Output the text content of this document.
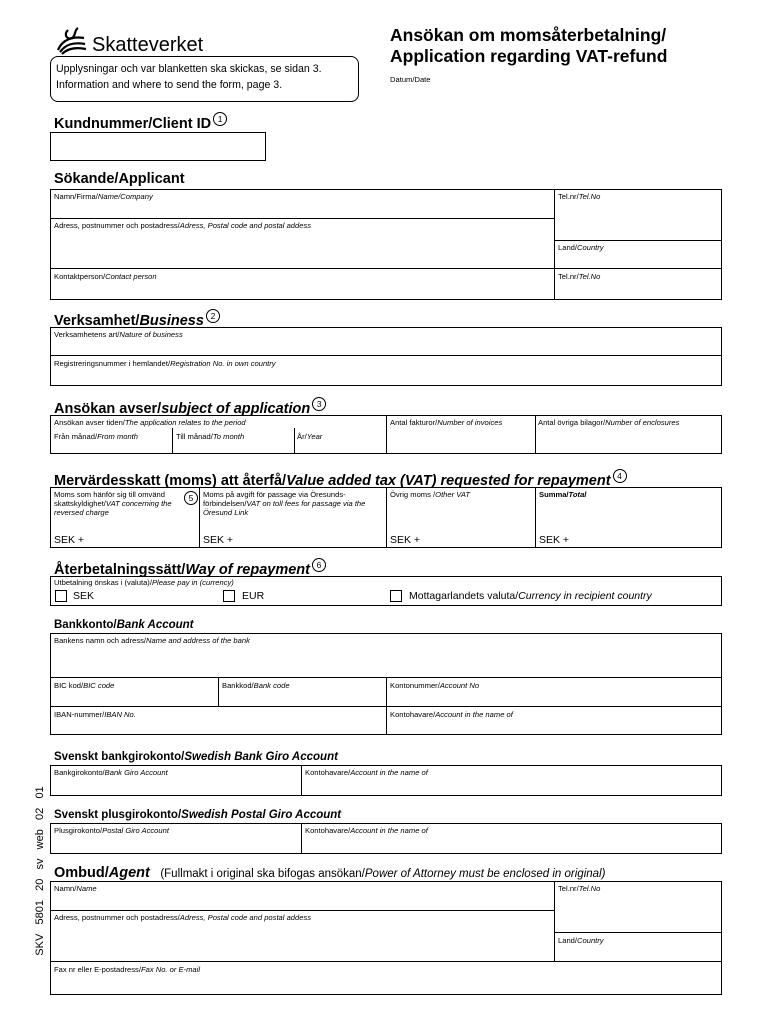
Skatteverket
Upplysningar och var blanketten ska skickas, se sidan 3.
Information and where to send the form, page 3.
Ansökan om momsåterbetalning/
Application regarding VAT-refund
Datum/Date
Kundnummer/Client ID 1
Sökande/Applicant
Namn/Firma/Name/Company	Tel.nr/Tel.No
Adress, postnummer och postadress/Adress, Postal code and postal addess
Land/Country
Kontaktperson/Contact person	Tel.nr/Tel.No
Verksamhet/Business 2
Verksamhetens art/Nature of business
Registreringsnummer i hemlandet/Registration No. in own country
Ansökan avser/subject of application 3
Ansökan avser tiden/The application relates to the period
Från månad/From month	Till månad/To month	År/Year
Antal fakturor/Number of invoices	Antal övriga bilagor/Number of enclosures
Mervärdesskatt (moms) att återfå/Value added tax (VAT) requested for repayment 4
Moms som hänför sig till omvänd skattskyldighet/VAT concerning the reversed charge
5
SEK +
Moms på avgift för passage via Öresunds-förbindelsen/VAT on toll fees for passage via the Öresund Link
SEK +
Övrig moms /Other VAT
SEK +
Summa/Total
SEK +
Återbetalningssätt/Way of repayment 6
Utbetalning önskas i (valuta)/Please pay in (currency)
SEK	EUR	Mottagarlandets valuta/Currency in recipient country
Bankkonto/Bank Account
Bankens namn och adress/Name and address of the bank
BIC kod/BIC code	Bankkod/Bank code	Kontonummer/Account No
IBAN-nummer/IBAN No.	Kontohavare/Account in the name of
Svenskt bankgirokonto/Swedish Bank Giro Account
Bankgirokonto/Bank Giro Account	Kontohavare/Account in the name of
Svenskt plusgirokonto/Swedish Postal Giro Account
Plusgirokonto/Postal Giro Account	Kontohavare/Account in the name of
Ombud/Agent (Fullmakt i original ska bifogas ansökan/Power of Attorney must be enclosed in original)
Namn/Name	Tel.nr/Tel.No
Adress, postnummer och postadress/Adress, Postal code and postal addess
Land/Country
Fax nr eller E-postadress/Fax No. or E-mail
SKV   5801   20   sv   web   02   01
